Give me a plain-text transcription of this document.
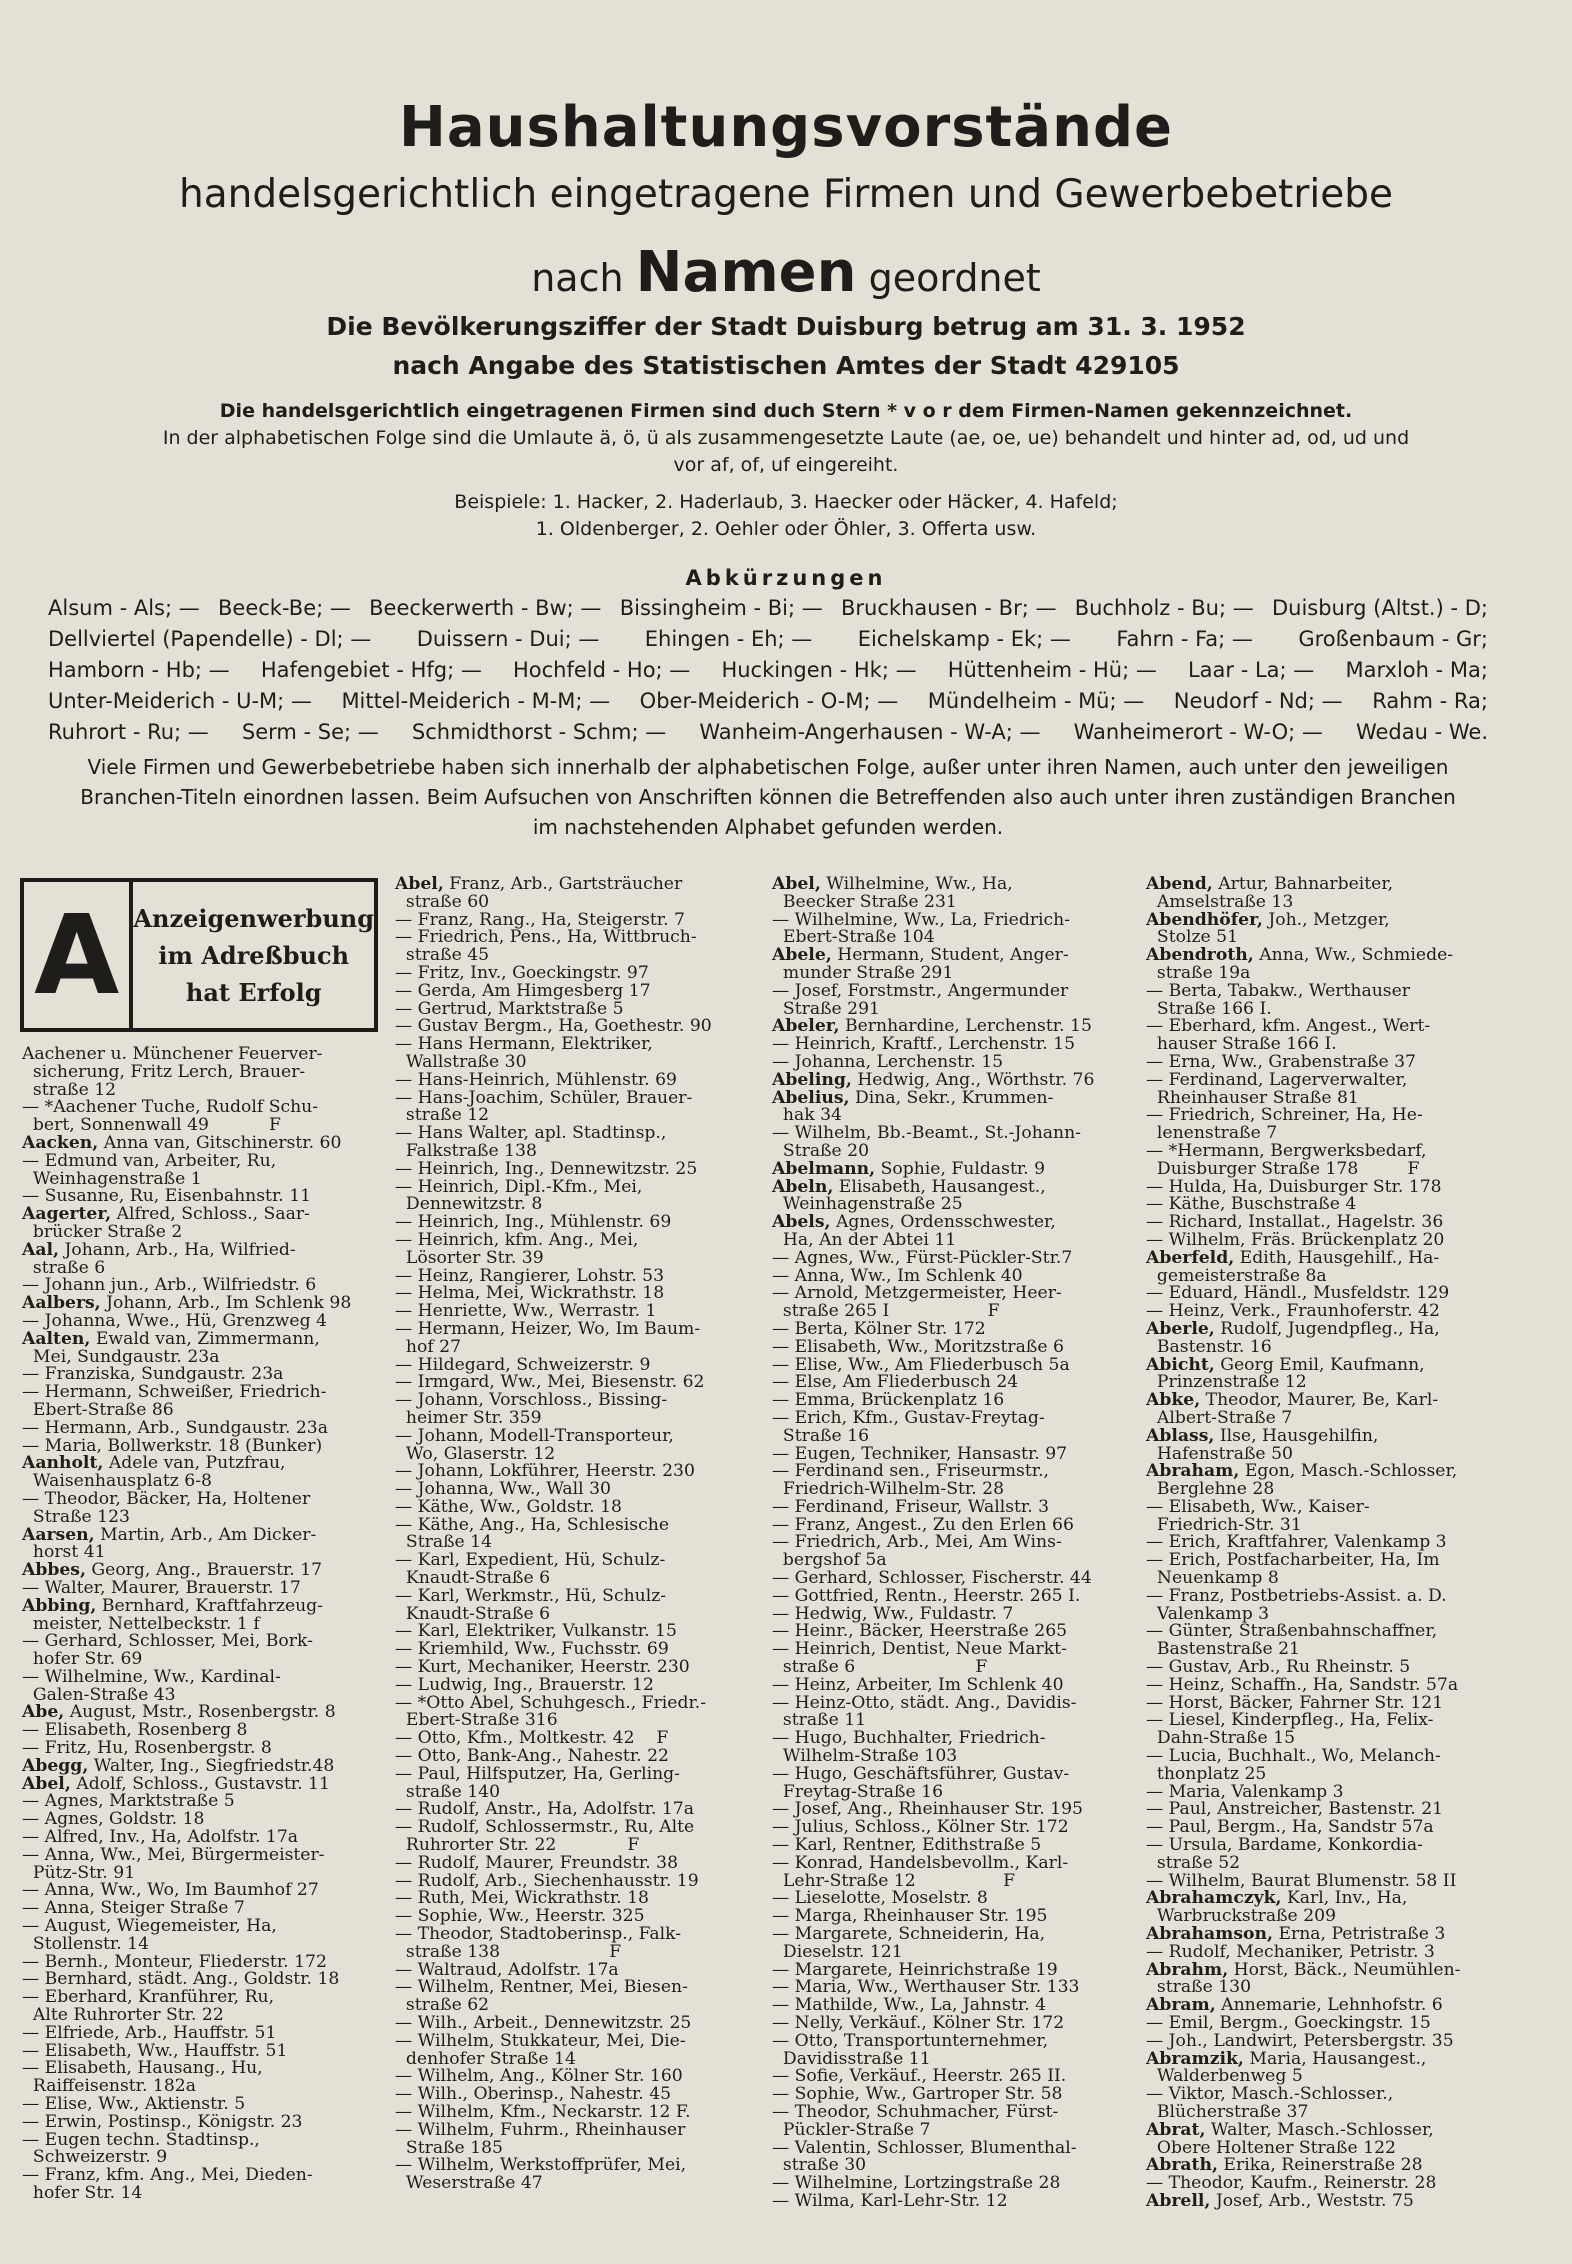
Haushaltungsvorstände
handelsgerichtlich eingetragene Firmen und Gewerbebetriebe
nach Namen geordnet
Die Bevölkerungsziffer der Stadt Duisburg betrug am 31. 3. 1952
nach Angabe des Statistischen Amtes der Stadt 429105
Die handelsgerichtlich eingetragenen Firmen sind duch Stern * v o r dem Firmen-Namen gekennzeichnet.
In der alphabetischen Folge sind die Umlaute ä, ö, ü als zusammengesetzte Laute (ae, oe, ue) behandelt und hinter ad, od, ud und
vor af, of, uf eingereiht.
Beispiele: 1. Hacker, 2. Haderlaub, 3. Haecker oder Häcker, 4. Hafeld;
1. Oldenberger, 2. Oehler oder Öhler, 3. Offerta usw.
Abkürzungen
Alsum - Als; — Beeck-Be; — Beeckerwerth - Bw; — Bissingheim - Bi; — Bruckhausen - Br; — Buchholz - Bu; — Duisburg (Altst.) - D;
Dellviertel (Papendelle) - Dl; — Duissern - Dui; — Ehingen - Eh; — Eichelskamp - Ek; — Fahrn - Fa; — Großenbaum - Gr;
Hamborn - Hb; — Hafengebiet - Hfg; — Hochfeld - Ho; — Huckingen - Hk; — Hüttenheim - Hü; — Laar - La; — Marxloh - Ma;
Unter-Meiderich - U-M; — Mittel-Meiderich - M-M; — Ober-Meiderich - O-M; — Mündelheim - Mü; — Neudorf - Nd; — Rahm - Ra;
Ruhrort - Ru; — Serm - Se; — Schmidthorst - Schm; — Wanheim-Angerhausen - W-A; — Wanheimerort - W-O; — Wedau - We.
Viele Firmen und Gewerbebetriebe haben sich innerhalb der alphabetischen Folge, außer unter ihren Namen, auch unter den jeweiligen
Branchen-Titeln einordnen lassen. Beim Aufsuchen von Anschriften können die Betreffenden also auch unter ihren zuständigen Branchen
im nachstehenden Alphabet gefunden werden.
A Anzeigenwerbung
im Adreßbuch
hat Erfolg
Aachener u. Münchener Feuerver-
sicherung, Fritz Lerch, Brauer-
straße 12
— *Aachener Tuche, Rudolf Schu-
bert, Sonnenwall 49           F
Aacken, Anna van, Gitschinerstr. 60
— Edmund van, Arbeiter, Ru,
Weinhagenstraße 1
— Susanne, Ru, Eisenbahnstr. 11
Aagerter, Alfred, Schloss., Saar-
brücker Straße 2
Aal, Johann, Arb., Ha, Wilfried-
straße 6
— Johann jun., Arb., Wilfriedstr. 6
Aalbers, Johann, Arb., Im Schlenk 98
— Johanna, Wwe., Hü, Grenzweg 4
Aalten, Ewald van, Zimmermann,
Mei, Sundgaustr. 23a
— Franziska, Sundgaustr. 23a
— Hermann, Schweißer, Friedrich-
Ebert-Straße 86
— Hermann, Arb., Sundgaustr. 23a
— Maria, Bollwerkstr. 18 (Bunker)
Aanholt, Adele van, Putzfrau,
Waisenhausplatz 6-8
— Theodor, Bäcker, Ha, Holtener
Straße 123
Aarsen, Martin, Arb., Am Dicker-
horst 41
Abbes, Georg, Ang., Brauerstr. 17
— Walter, Maurer, Brauerstr. 17
Abbing, Bernhard, Kraftfahrzeug-
meister, Nettelbeckstr. 1 f
— Gerhard, Schlosser, Mei, Bork-
hofer Str. 69
— Wilhelmine, Ww., Kardinal-
Galen-Straße 43
Abe, August, Mstr., Rosenbergstr. 8
— Elisabeth, Rosenberg 8
— Fritz, Hu, Rosenbergstr. 8
Abegg, Walter, Ing., Siegfriedstr.48
Abel, Adolf, Schloss., Gustavstr. 11
— Agnes, Marktstraße 5
— Agnes, Goldstr. 18
— Alfred, Inv., Ha, Adolfstr. 17a
— Anna, Ww., Mei, Bürgermeister-
Pütz-Str. 91
— Anna, Ww., Wo, Im Baumhof 27
— Anna, Steiger Straße 7
— August, Wiegemeister, Ha,
Stollenstr. 14
— Bernh., Monteur, Fliederstr. 172
— Bernhard, städt. Ang., Goldstr. 18
— Eberhard, Kranführer, Ru,
Alte Ruhrorter Str. 22
— Elfriede, Arb., Hauffstr. 51
— Elisabeth, Ww., Hauffstr. 51
— Elisabeth, Hausang., Hu,
Raiffeisenstr. 182a
— Elise, Ww., Aktienstr. 5
— Erwin, Postinsp., Königstr. 23
— Eugen techn. Stadtinsp.,
Schweizerstr. 9
— Franz, kfm. Ang., Mei, Dieden-
hofer Str. 14
Abel, Franz, Arb., Gartsträucher
straße 60
— Franz, Rang., Ha, Steigerstr. 7
— Friedrich, Pens., Ha, Wittbruch-
straße 45
— Fritz, Inv., Goeckingstr. 97
— Gerda, Am Himgesberg 17
— Gertrud, Marktstraße 5
— Gustav Bergm., Ha, Goethestr. 90
— Hans Hermann, Elektriker,
Wallstraße 30
— Hans-Heinrich, Mühlenstr. 69
— Hans-Joachim, Schüler, Brauer-
straße 12
— Hans Walter, apl. Stadtinsp.,
Falkstraße 138
— Heinrich, Ing., Dennewitzstr. 25
— Heinrich, Dipl.-Kfm., Mei,
Dennewitzstr. 8
— Heinrich, Ing., Mühlenstr. 69
— Heinrich, kfm. Ang., Mei,
Lösorter Str. 39
— Heinz, Rangierer, Lohstr. 53
— Helma, Mei, Wickrathstr. 18
— Henriette, Ww., Werrastr. 1
— Hermann, Heizer, Wo, Im Baum-
hof 27
— Hildegard, Schweizerstr. 9
— Irmgard, Ww., Mei, Biesenstr. 62
— Johann, Vorschloss., Bissing-
heimer Str. 359
— Johann, Modell-Transporteur,
Wo, Glaserstr. 12
— Johann, Lokführer, Heerstr. 230
— Johanna, Ww., Wall 30
— Käthe, Ww., Goldstr. 18
— Käthe, Ang., Ha, Schlesische
Straße 14
— Karl, Expedient, Hü, Schulz-
Knaudt-Straße 6
— Karl, Werkmstr., Hü, Schulz-
Knaudt-Straße 6
— Karl, Elektriker, Vulkanstr. 15
— Kriemhild, Ww., Fuchsstr. 69
— Kurt, Mechaniker, Heerstr. 230
— Ludwig, Ing., Brauerstr. 12
— *Otto Abel, Schuhgesch., Friedr.-
Ebert-Straße 316
— Otto, Kfm., Moltkestr. 42    F
— Otto, Bank-Ang., Nahestr. 22
— Paul, Hilfsputzer, Ha, Gerling-
straße 140
— Rudolf, Anstr., Ha, Adolfstr. 17a
— Rudolf, Schlossermstr., Ru, Alte
Ruhrorter Str. 22             F
— Rudolf, Maurer, Freundstr. 38
— Rudolf, Arb., Siechenhausstr. 19
— Ruth, Mei, Wickrathstr. 18
— Sophie, Ww., Heerstr. 325
— Theodor, Stadtoberinsp., Falk-
straße 138                    F
— Waltraud, Adolfstr. 17a
— Wilhelm, Rentner, Mei, Biesen-
straße 62
— Wilh., Arbeit., Dennewitzstr. 25
— Wilhelm, Stukkateur, Mei, Die-
denhofer Straße 14
— Wilhelm, Ang., Kölner Str. 160
— Wilh., Oberinsp., Nahestr. 45
— Wilhelm, Kfm., Neckarstr. 12 F.
— Wilhelm, Fuhrm., Rheinhauser
Straße 185
— Wilhelm, Werkstoffprüfer, Mei,
Weserstraße 47
Abel, Wilhelmine, Ww., Ha,
Beecker Straße 231
— Wilhelmine, Ww., La, Friedrich-
Ebert-Straße 104
Abele, Hermann, Student, Anger-
munder Straße 291
— Josef, Forstmstr., Angermunder
Straße 291
Abeler, Bernhardine, Lerchenstr. 15
— Heinrich, Kraftf., Lerchenstr. 15
— Johanna, Lerchenstr. 15
Abeling, Hedwig, Ang., Wörthstr. 76
Abelius, Dina, Sekr., Krummen-
hak 34
— Wilhelm, Bb.-Beamt., St.-Johann-
Straße 20
Abelmann, Sophie, Fuldastr. 9
Abeln, Elisabeth, Hausangest.,
Weinhagenstraße 25
Abels, Agnes, Ordensschwester,
Ha, An der Abtei 11
— Agnes, Ww., Fürst-Pückler-Str.7
— Anna, Ww., Im Schlenk 40
— Arnold, Metzgermeister, Heer-
straße 265 I                  F
— Berta, Kölner Str. 172
— Elisabeth, Ww., Moritzstraße 6
— Elise, Ww., Am Fliederbusch 5a
— Else, Am Fliederbusch 24
— Emma, Brückenplatz 16
— Erich, Kfm., Gustav-Freytag-
Straße 16
— Eugen, Techniker, Hansastr. 97
— Ferdinand sen., Friseurmstr.,
Friedrich-Wilhelm-Str. 28
— Ferdinand, Friseur, Wallstr. 3
— Franz, Angest., Zu den Erlen 66
— Friedrich, Arb., Mei, Am Wins-
bergshof 5a
— Gerhard, Schlosser, Fischerstr. 44
— Gottfried, Rentn., Heerstr. 265 I.
— Hedwig, Ww., Fuldastr. 7
— Heinr., Bäcker, Heerstraße 265
— Heinrich, Dentist, Neue Markt-
straße 6                      F
— Heinz, Arbeiter, Im Schlenk 40
— Heinz-Otto, städt. Ang., Davidis-
straße 11
— Hugo, Buchhalter, Friedrich-
Wilhelm-Straße 103
— Hugo, Geschäftsführer, Gustav-
Freytag-Straße 16
— Josef, Ang., Rheinhauser Str. 195
— Julius, Schloss., Kölner Str. 172
— Karl, Rentner, Edithstraße 5
— Konrad, Handelsbevollm., Karl-
Lehr-Straße 12                F
— Lieselotte, Moselstr. 8
— Marga, Rheinhauser Str. 195
— Margarete, Schneiderin, Ha,
Dieselstr. 121
— Margarete, Heinrichstraße 19
— Maria, Ww., Werthauser Str. 133
— Mathilde, Ww., La, Jahnstr. 4
— Nelly, Verkäuf., Kölner Str. 172
— Otto, Transportunternehmer,
Davidisstraße 11
— Sofie, Verkäuf., Heerstr. 265 II.
— Sophie, Ww., Gartroper Str. 58
— Theodor, Schuhmacher, Fürst-
Pückler-Straße 7
— Valentin, Schlosser, Blumenthal-
straße 30
— Wilhelmine, Lortzingstraße 28
— Wilma, Karl-Lehr-Str. 12
Abend, Artur, Bahnarbeiter,
Amselstraße 13
Abendhöfer, Joh., Metzger,
Stolze 51
Abendroth, Anna, Ww., Schmiede-
straße 19a
— Berta, Tabakw., Werthauser
Straße 166 I.
— Eberhard, kfm. Angest., Wert-
hauser Straße 166 I.
— Erna, Ww., Grabenstraße 37
— Ferdinand, Lagerverwalter,
Rheinhauser Straße 81
— Friedrich, Schreiner, Ha, He-
lenenstraße 7
— *Hermann, Bergwerksbedarf,
Duisburger Straße 178         F
— Hulda, Ha, Duisburger Str. 178
— Käthe, Buschstraße 4
— Richard, Installat., Hagelstr. 36
— Wilhelm, Fräs. Brückenplatz 20
Aberfeld, Edith, Hausgehilf., Ha-
gemeisterstraße 8a
— Eduard, Händl., Musfeldstr. 129
— Heinz, Verk., Fraunhoferstr. 42
Aberle, Rudolf, Jugendpfleg., Ha,
Bastenstr. 16
Abicht, Georg Emil, Kaufmann,
Prinzenstraße 12
Abke, Theodor, Maurer, Be, Karl-
Albert-Straße 7
Ablass, Ilse, Hausgehilfin,
Hafenstraße 50
Abraham, Egon, Masch.-Schlosser,
Berglehne 28
— Elisabeth, Ww., Kaiser-
Friedrich-Str. 31
— Erich, Kraftfahrer, Valenkamp 3
— Erich, Postfacharbeiter, Ha, Im
Neuenkamp 8
— Franz, Postbetriebs-Assist. a. D.
Valenkamp 3
— Günter, Straßenbahnschaffner,
Bastenstraße 21
— Gustav, Arb., Ru Rheinstr. 5
— Heinz, Schaffn., Ha, Sandstr. 57a
— Horst, Bäcker, Fahrner Str. 121
— Liesel, Kinderpfleg., Ha, Felix-
Dahn-Straße 15
— Lucia, Buchhalt., Wo, Melanch-
thonplatz 25
— Maria, Valenkamp 3
— Paul, Anstreicher, Bastenstr. 21
— Paul, Bergm., Ha, Sandstr 57a
— Ursula, Bardame, Konkordia-
straße 52
— Wilhelm, Baurat Blumenstr. 58 II
Abrahamczyk, Karl, Inv., Ha,
Warbruckstraße 209
Abrahamson, Erna, Petristraße 3
— Rudolf, Mechaniker, Petristr. 3
Abrahm, Horst, Bäck., Neumühlen-
straße 130
Abram, Annemarie, Lehnhofstr. 6
— Emil, Bergm., Goeckingstr. 15
— Joh., Landwirt, Petersbergstr. 35
Abramzik, Maria, Hausangest.,
Walderbenweg 5
— Viktor, Masch.-Schlosser.,
Blücherstraße 37
Abrat, Walter, Masch.-Schlosser,
Obere Holtener Straße 122
Abrath, Erika, Reinerstraße 28
— Theodor, Kaufm., Reinerstr. 28
Abrell, Josef, Arb., Weststr. 75
